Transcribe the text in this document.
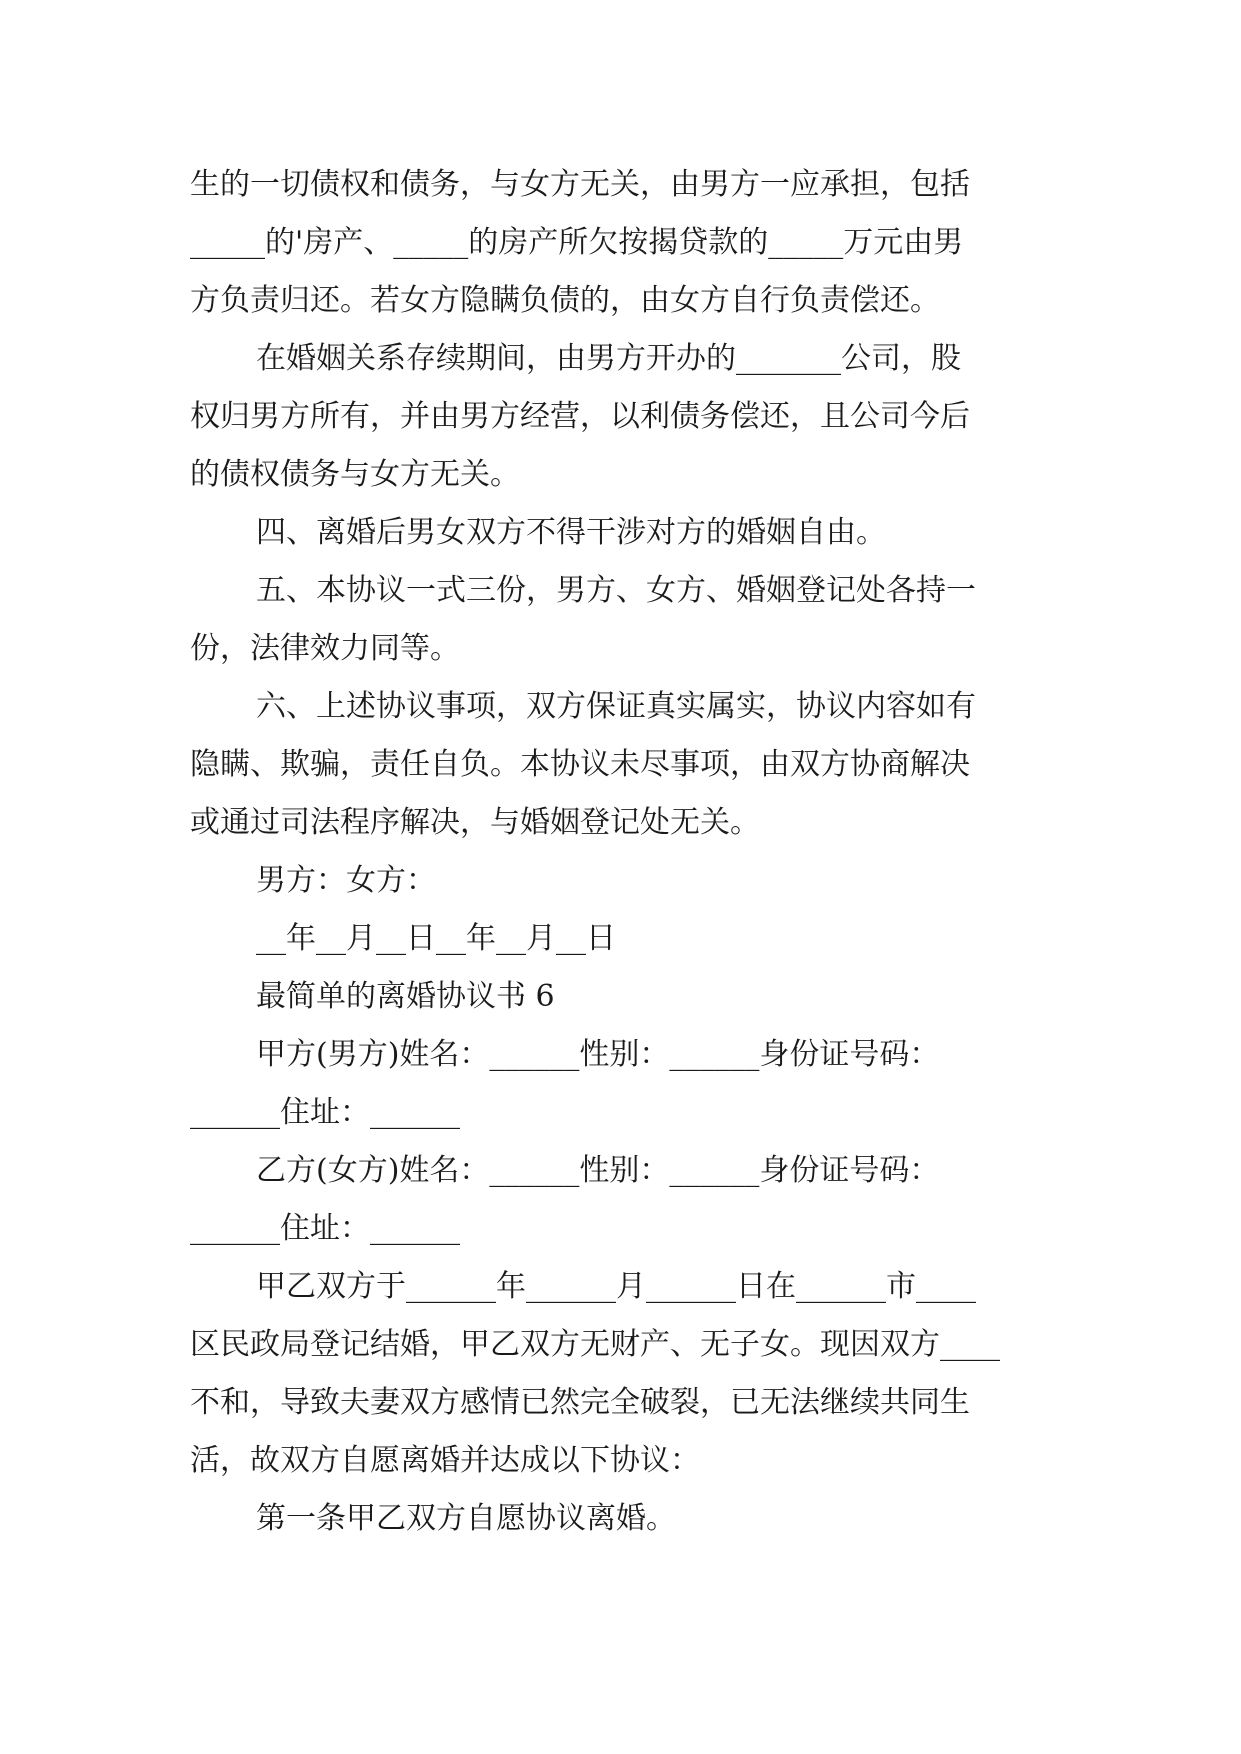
生的一切债权和债务，与女方无关，由男方一应承担，包括
_____的'房产、_____的房产所欠按揭贷款的_____万元由男
方负责归还。若女方隐瞒负债的，由女方自行负责偿还。
在婚姻关系存续期间，由男方开办的_______公司，股
权归男方所有，并由男方经营，以利债务偿还，且公司今后
的债权债务与女方无关。
四、离婚后男女双方不得干涉对方的婚姻自由。
五、本协议一式三份，男方、女方、婚姻登记处各持一
份，法律效力同等。
六、上述协议事项，双方保证真实属实，协议内容如有
隐瞒、欺骗，责任自负。本协议未尽事项，由双方协商解决
或通过司法程序解决，与婚姻登记处无关。
男方：女方：
__年__月__日__年__月__日
最简单的离婚协议书 6
甲方(男方)姓名：______性别：______身份证号码：
______住址：______
乙方(女方)姓名：______性别：______身份证号码：
______住址：______
甲乙双方于______年______月______日在______市____
区民政局登记结婚，甲乙双方无财产、无子女。现因双方____
不和，导致夫妻双方感情已然完全破裂，已无法继续共同生
活，故双方自愿离婚并达成以下协议：
第一条甲乙双方自愿协议离婚。
